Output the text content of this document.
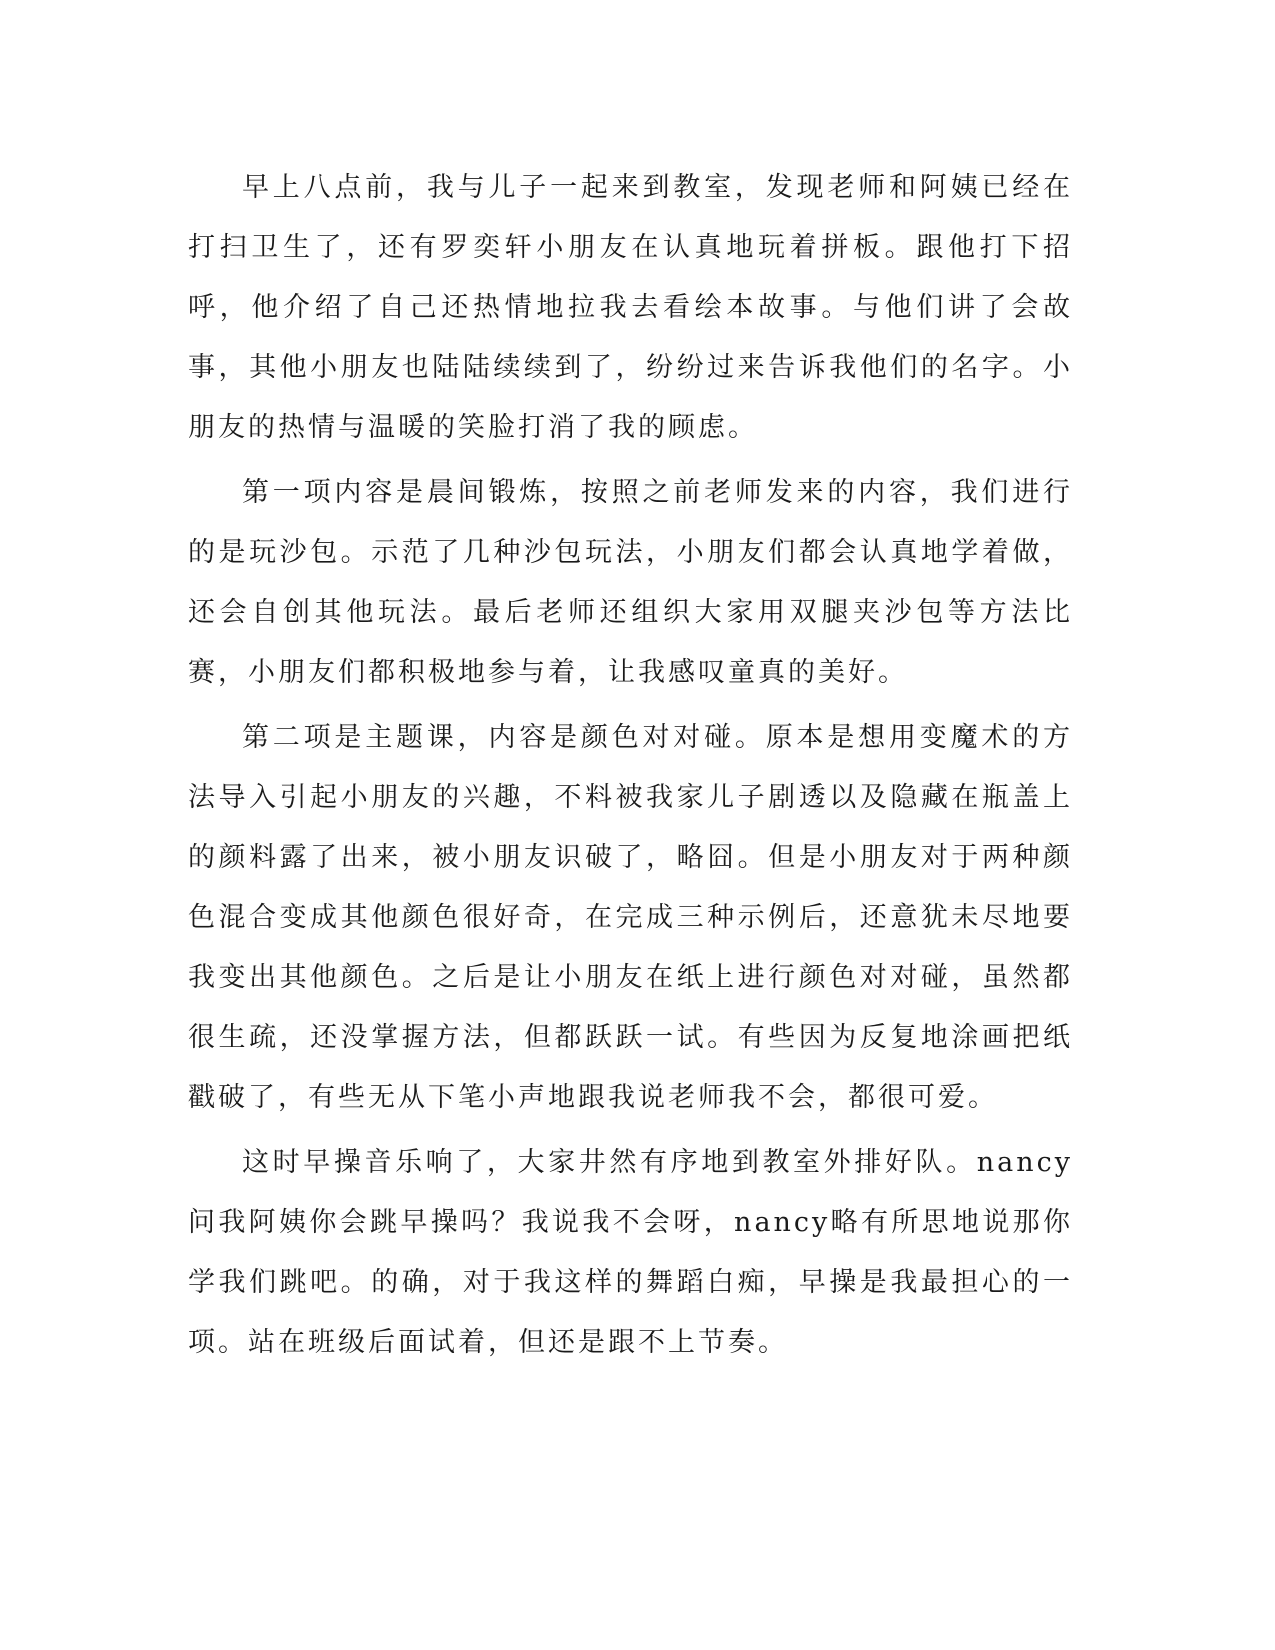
早上八点前，我与儿子一起来到教室，发现老师和阿姨已经在打扫卫生了，还有罗奕轩小朋友在认真地玩着拼板。跟他打下招呼，他介绍了自己还热情地拉我去看绘本故事。与他们讲了会故事，其他小朋友也陆陆续续到了，纷纷过来告诉我他们的名字。小朋友的热情与温暖的笑脸打消了我的顾虑。

第一项内容是晨间锻炼，按照之前老师发来的内容，我们进行的是玩沙包。示范了几种沙包玩法，小朋友们都会认真地学着做，还会自创其他玩法。最后老师还组织大家用双腿夹沙包等方法比赛，小朋友们都积极地参与着，让我感叹童真的美好。

第二项是主题课，内容是颜色对对碰。原本是想用变魔术的方法导入引起小朋友的兴趣，不料被我家儿子剧透以及隐藏在瓶盖上的颜料露了出来，被小朋友识破了，略囧。但是小朋友对于两种颜色混合变成其他颜色很好奇，在完成三种示例后，还意犹未尽地要我变出其他颜色。之后是让小朋友在纸上进行颜色对对碰，虽然都很生疏，还没掌握方法，但都跃跃一试。有些因为反复地涂画把纸戳破了，有些无从下笔小声地跟我说老师我不会，都很可爱。

这时早操音乐响了，大家井然有序地到教室外排好队。nancy问我阿姨你会跳早操吗？我说我不会呀，nancy略有所思地说那你学我们跳吧。的确，对于我这样的舞蹈白痴，早操是我最担心的一项。站在班级后面试着，但还是跟不上节奏。
